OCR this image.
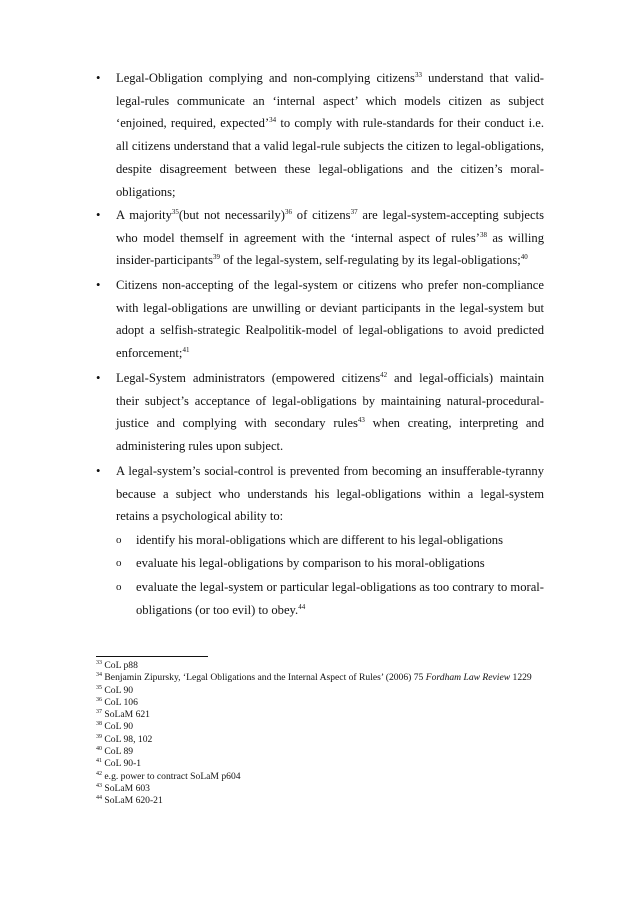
•	Legal-Obligation complying and non-complying citizens$^{33}$ understand that valid-legal-rules communicate an ‘internal aspect’ which models citizen as subject ‘enjoined, required, expected’$^{34}$ to comply with rule-standards for their conduct i.e. all citizens understand that a valid legal-rule subjects the citizen to legal-obligations, despite disagreement between these legal-obligations and the citizen’s moral-obligations;
•	A majority$^{35}$(but not necessarily)$^{36}$ of citizens$^{37}$ are legal-system-accepting subjects who model themself in agreement with the ‘internal aspect of rules’$^{38}$ as willing insider-participants$^{39}$ of the legal-system, self-regulating by its legal-obligations;$^{40}$
•	Citizens non-accepting of the legal-system or citizens who prefer non-compliance with legal-obligations are unwilling or deviant participants in the legal-system but adopt a selfish-strategic Realpolitik-model of legal-obligations to avoid predicted enforcement;$^{41}$
•	Legal-System administrators (empowered citizens$^{42}$ and legal-officials) maintain their subject’s acceptance of legal-obligations by maintaining natural-procedural-justice and complying with secondary rules$^{43}$ when creating, interpreting and administering rules upon subject.
•	A legal-system’s social-control is prevented from becoming an insufferable-tyranny because a subject who understands his legal-obligations within a legal-system retains a psychological ability to:
o	identify his moral-obligations which are different to his legal-obligations
o	evaluate his legal-obligations by comparison to his moral-obligations
o	evaluate the legal-system or particular legal-obligations as too contrary to moral-obligations (or too evil) to obey.$^{44}$
$^{33}$ CoL p88
$^{34}$ Benjamin Zipursky, ‘Legal Obligations and the Internal Aspect of Rules’ (2006) 75 Fordham Law Review 1229
$^{35}$ CoL 90
$^{36}$ CoL 106
$^{37}$ SoLaM 621
$^{38}$ CoL 90
$^{39}$ CoL 98, 102
$^{40}$ CoL 89
$^{41}$ CoL 90-1
$^{42}$ e.g. power to contract SoLaM p604
$^{43}$ SoLaM 603
$^{44}$ SoLaM 620-21
